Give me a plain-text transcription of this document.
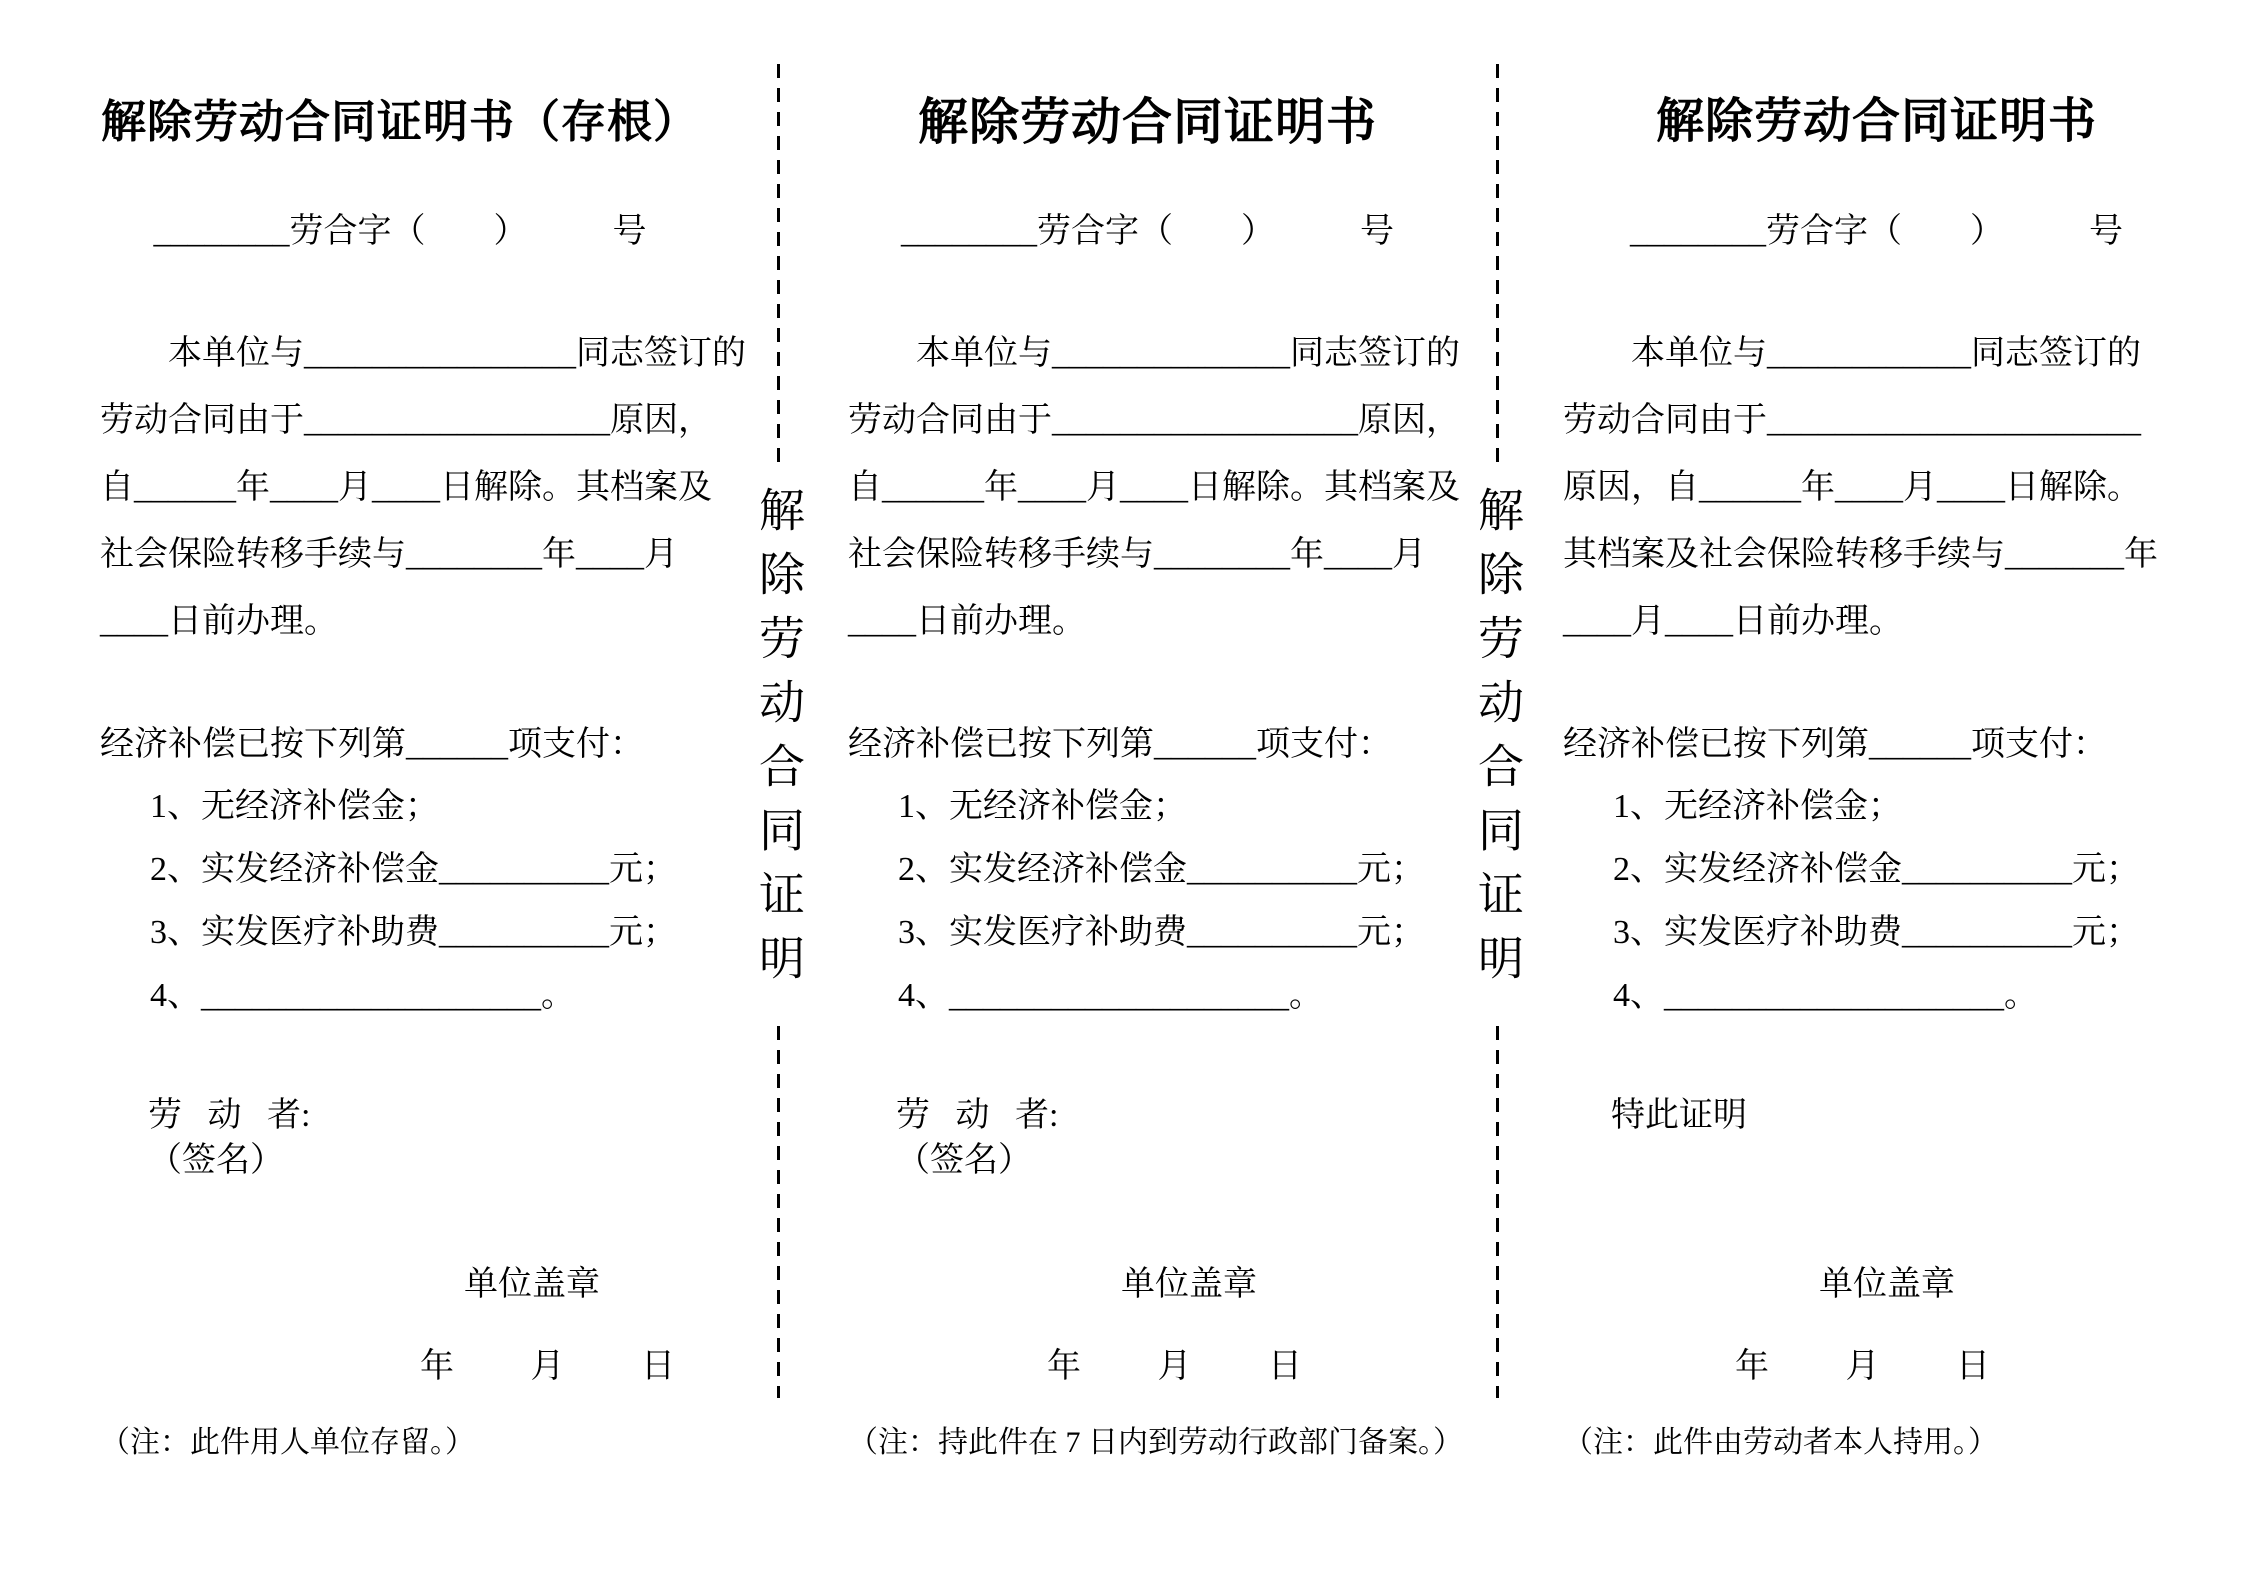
解除劳动合同证明书（存根）
________劳合字（        ）          号

本单位与________________同志签订的

劳动合同由于__________________原因，

自______年____月____日解除。其档案及

社会保险转移手续与________年____月

____日前办理。

经济补偿已按下列第______项支付：

1、无经济补偿金；

2、实发经济补偿金__________元；

3、实发医疗补助费__________元；

4、____________________。

劳   动   者:

（签名）

单位盖章

年         月         日

（注：此件用人单位存留。）

解除劳动合同证明
解除劳动合同证明书
________劳合字（        ）          号

本单位与______________同志签订的

劳动合同由于__________________原因，

自______年____月____日解除。其档案及

社会保险转移手续与________年____月

____日前办理。

经济补偿已按下列第______项支付：

1、无经济补偿金；

2、实发经济补偿金__________元；

3、实发医疗补助费__________元；

4、____________________。

劳   动   者:

（签名）

单位盖章

年         月         日

（注：持此件在 7 日内到劳动行政部门备案。）

解除劳动合同证明
解除劳动合同证明书
________劳合字（        ）          号

本单位与____________同志签订的

劳动合同由于______________________

原因，自______年____月____日解除。

其档案及社会保险转移手续与_______年

____月____日前办理。

经济补偿已按下列第______项支付：

1、无经济补偿金；

2、实发经济补偿金__________元；

3、实发医疗补助费__________元；

4、____________________。

特此证明

单位盖章

年         月         日

（注：此件由劳动者本人持用。）
